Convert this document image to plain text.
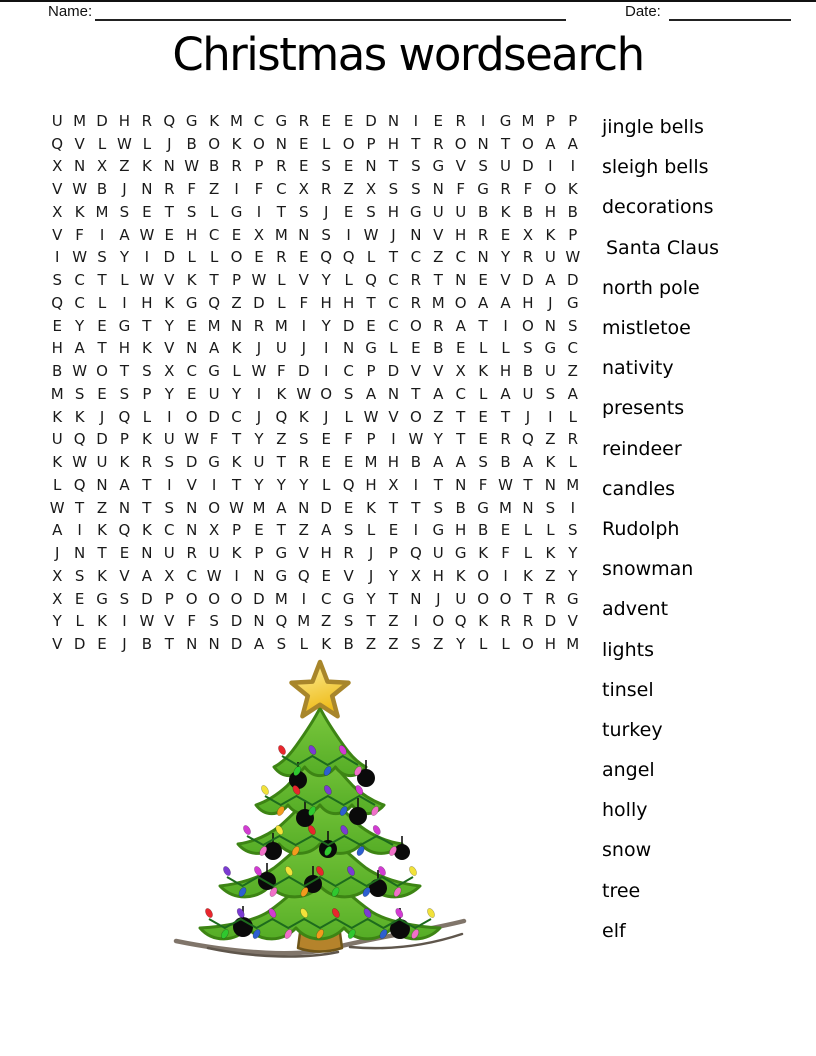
Name:	Date:
Christmas wordsearch
U M D H R Q G K M C G R E E D N I	E R I G M P P
Q V L W L	J	B O K O N E L O P H T R O N T O A A
X N X Z K N W B R P R E S E N T S G V S U D I	I
V W B	J N R F Z	I	F C X R Z X S S N F G R F O K
X K M S E T S L G I	T S	J	E S H G U U B K B H B
V F	I	A W E H C E X M N S	I W J N V H R E X K P
I W S Y	I D L L O E R E Q Q L T C Z C N Y R U W
S C T L W V K T P W L V Y L Q C R T N E V D A D
Q C L	I H K G Q Z D L F H H T C R M O A A H J G
E Y E G T Y E M N R M I	Y D E C O R A T	I O N S
H A T H K V N A K	J U J	I N G L E B E L L S G C
B W O T S X C G L W F D I C P D V V X K H B U Z
M S E S P Y E U Y	I	K W O S A N T A C L A U S A
K K	J Q L	I O D C J Q K	J	L W V O Z T E T	J	I	L
U Q D P K U W F T Y Z S E F P	I W Y T E R Q Z R
K W U K R S D G K U T R E E M H B A A S B A K L
L Q N A T	I	V	I	T Y Y Y L Q H X	I	T N F W T N M
W T Z N T S N O W M A N D E K T T S B G M N S	I
A	I	K Q K C N X P E T Z A S L E	I G H B E L L S
J N T E N U R U K P G V H R J	P Q U G K F L K Y
X S K V A X C W I N G Q E V	J	Y X H K O I	K Z Y
X E G S D P O O O D M I C G Y T N J U O O T R G
Y L K	I W V F S D N Q M Z S T Z	I O Q K R R D V
V D E	J	B T N N D A S L K B Z Z S Z Y L L O H M
jingle bells
sleigh bells
decorations
Santa Claus
north pole
mistletoe
nativity
presents
reindeer
candles
Rudolph
snowman
advent
lights
tinsel
turkey
angel
holly
snow
tree
elf
